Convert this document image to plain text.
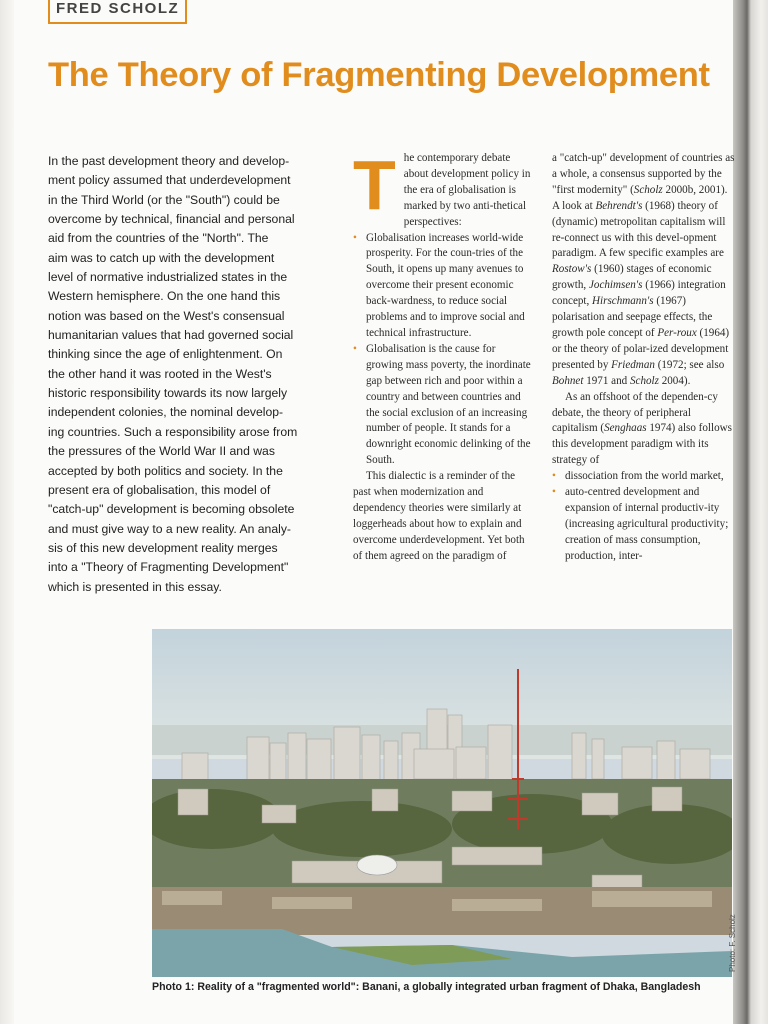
FRED SCHOLZ
The Theory of Fragmenting Development
In the past development theory and develop-
ment policy assumed that underdevelopment
in the Third World (or the "South") could be
overcome by technical, financial and personal
aid from the countries of the "North". The
aim was to catch up with the development
level of normative industrialized states in the
Western hemisphere. On the one hand this
notion was based on the West's consensual
humanitarian values that had governed social
thinking since the age of enlightenment. On
the other hand it was rooted in the West's
historic responsibility towards its now largely
independent colonies, the nominal develop-
ing countries. Such a responsibility arose from
the pressures of the World War II and was
accepted by both politics and society. In the
present era of globalisation, this model of
"catch-up" development is becoming obsolete
and must give way to a new reality. An analy-
sis of this new development reality merges
into a "Theory of Fragmenting Development"
which is presented in this essay.
T he contemporary debate about development policy in the era of globalisation is marked by two anti-thetical perspectives:

• Globalisation increases world-wide prosperity. For the coun-tries of the South, it opens up many avenues to overcome their present economic back-wardness, to reduce social problems and to improve social and technical infrastructure.
• Globalisation is the cause for growing mass poverty, the inordinate gap between rich and poor within a country and between countries and the social exclusion of an increasing number of people. It stands for a downright economic delinking of the South.

This dialectic is a reminder of the past when modernization and dependency theories were similarly at loggerheads about how to explain and overcome underdevelopment. Yet both of them agreed on the paradigm of

a "catch-up" development of countries as a whole, a consensus supported by the "first modernity" (Scholz 2000b, 2001). A look at Behrendt's (1968) theory of (dynamic) metropolitan capitalism will re-connect us with this devel-opment paradigm. A few specific examples are Rostow's (1960) stages of economic growth, Jochimsen's (1966) integration concept, Hirschmann's (1967) polarisation and seepage effects, the growth pole concept of Per-roux (1964) or the theory of polar-ized development presented by Friedman (1972; see also Bohnet 1971 and Scholz 2004).

As an offshoot of the dependen-cy debate, the theory of peripheral capitalism (Senghaas 1974) also follows this development paradigm with its strategy of

• dissociation from the world market,
• auto-centred development and expansion of internal productiv-ity (increasing agricultural productivity; creation of mass consumption, production, inter-
Photo: F. Scholz
Photo 1: Reality of a "fragmented world": Banani, a globally integrated urban fragment of Dhaka, Bangladesh
